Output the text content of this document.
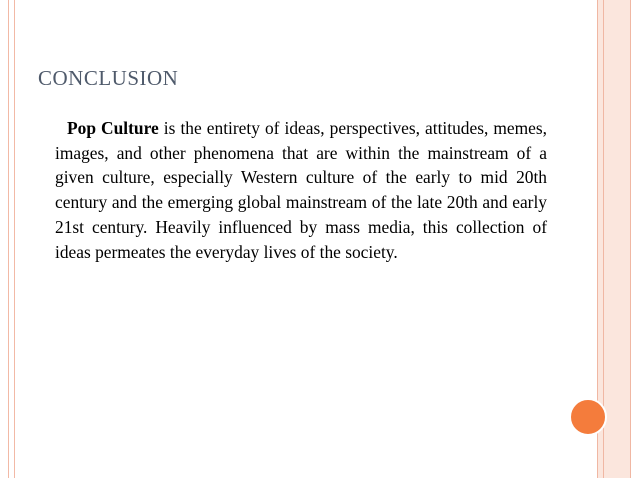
CONCLUSION

Pop Culture is the entirety of ideas, perspectives, attitudes, memes, images, and other phenomena that are within the mainstream of a given culture, especially Western culture of the early to mid 20th century and the emerging global mainstream of the late 20th and early 21st century. Heavily influenced by mass media, this collection of ideas permeates the everyday lives of the society.
